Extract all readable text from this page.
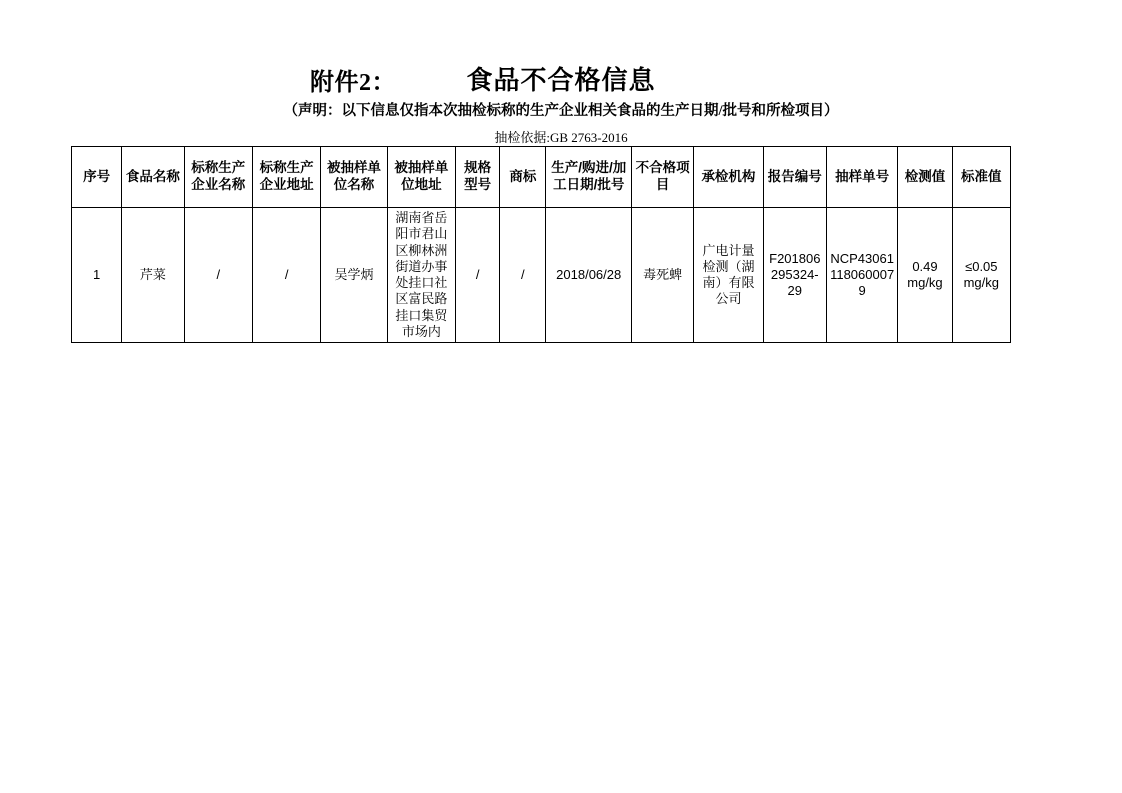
附件2：	食品不合格信息
（声明：以下信息仅指本次抽检标称的生产企业相关食品的生产日期/批号和所检项目）
抽检依据:GB 2763-2016
序号	食品名称	标称生产企业名称	标称生产企业地址	被抽样单位名称	被抽样单位地址	规格型号	商标	生产/购进/加工日期/批号	不合格项目	承检机构	报告编号	抽样单号	检测值	标准值
1	芹菜	/	/	吴学炳	湖南省岳阳市君山区柳林洲街道办事处挂口社区富民路挂口集贸市场内	/	/	2018/06/28	毒死蜱	广电计量检测（湖南）有限公司	F201806295324-29	NCP430611180600079	0.49 mg/kg	≤0.05 mg/kg
